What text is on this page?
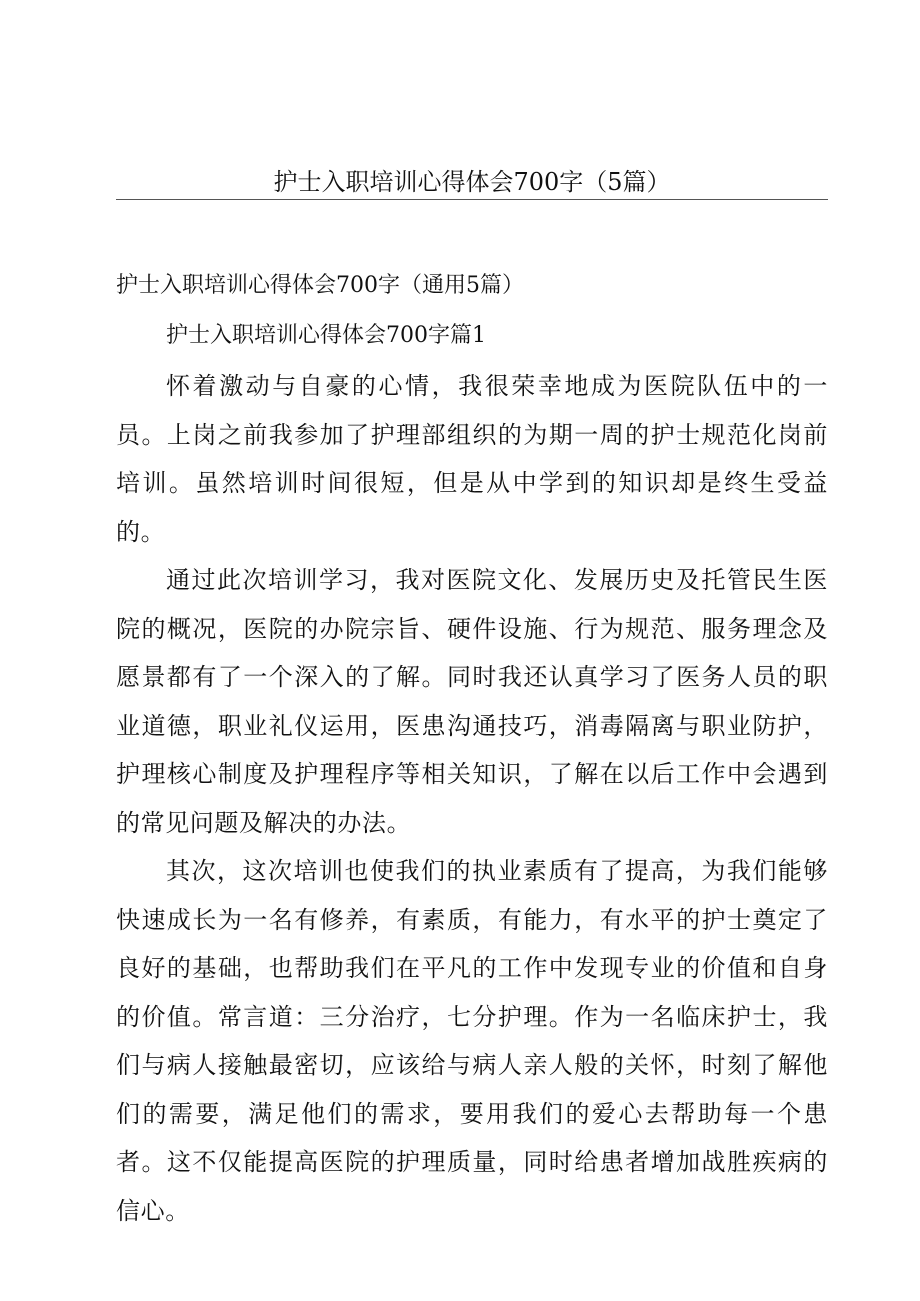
护士入职培训心得体会700字（5篇）
护士入职培训心得体会700字（通用5篇）
护士入职培训心得体会700字篇1

怀着激动与自豪的心情，我很荣幸地成为医院队伍中的一员。上岗之前我参加了护理部组织的为期一周的护士规范化岗前培训。虽然培训时间很短，但是从中学到的知识却是终生受益的。

通过此次培训学习，我对医院文化、发展历史及托管民生医院的概况，医院的办院宗旨、硬件设施、行为规范、服务理念及愿景都有了一个深入的了解。同时我还认真学习了医务人员的职业道德，职业礼仪运用，医患沟通技巧，消毒隔离与职业防护，护理核心制度及护理程序等相关知识，了解在以后工作中会遇到的常见问题及解决的办法。

其次，这次培训也使我们的执业素质有了提高，为我们能够快速成长为一名有修养，有素质，有能力，有水平的护士奠定了良好的基础，也帮助我们在平凡的工作中发现专业的价值和自身的价值。常言道：三分治疗，七分护理。作为一名临床护士，我们与病人接触最密切，应该给与病人亲人般的关怀，时刻了解他们的需要，满足他们的需求，要用我们的爱心去帮助每一个患者。这不仅能提高医院的护理质量，同时给患者增加战胜疾病的信心。
